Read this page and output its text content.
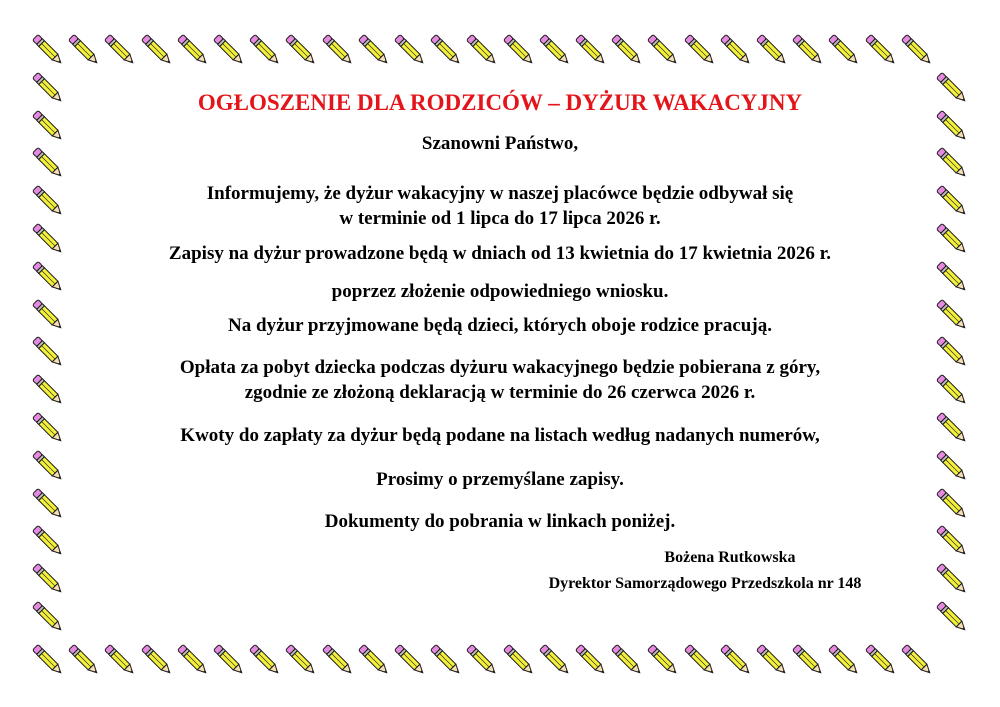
OGŁOSZENIE DLA RODZICÓW – DYŻUR WAKACYJNY
Szanowni Państwo,
Informujemy, że dyżur wakacyjny w naszej placówce będzie odbywał się
w terminie od 1 lipca do 17 lipca 2026 r.
Zapisy na dyżur prowadzone będą w dniach od 13 kwietnia do 17 kwietnia 2026 r.
poprzez złożenie odpowiedniego wniosku.
Na dyżur przyjmowane będą dzieci, których oboje rodzice pracują.
Opłata za pobyt dziecka podczas dyżuru wakacyjnego będzie pobierana z góry,
zgodnie ze złożoną deklaracją w terminie do 26 czerwca 2026 r.
Kwoty do zapłaty za dyżur będą podane na listach według nadanych numerów,
Prosimy o przemyślane zapisy.
Dokumenty do pobrania w linkach poniżej.
Bożena Rutkowska
Dyrektor Samorządowego Przedszkola nr 148
